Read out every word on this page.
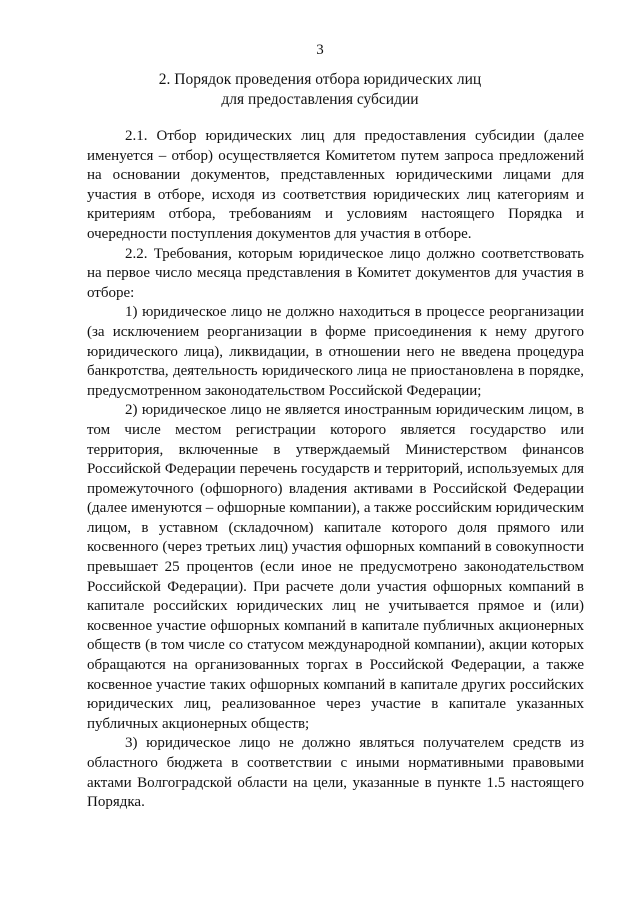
3
2. Порядок проведения отбора юридических лиц
для предоставления субсидии

2.1. Отбор юридических лиц для предоставления субсидии (далее именуется – отбор) осуществляется Комитетом путем запроса предложений на основании документов, представленных юридическими лицами для участия в отборе, исходя из соответствия юридических лиц категориям и критериям отбора, требованиям и условиям настоящего Порядка и очередности поступления документов для участия в отборе.

2.2. Требования, которым юридическое лицо должно соответствовать на первое число месяца представления в Комитет документов для участия в отборе:

1) юридическое лицо не должно находиться в процессе реорганизации (за исключением реорганизации в форме присоединения к нему другого юридического лица), ликвидации, в отношении него не введена процедура банкротства, деятельность юридического лица не приостановлена в порядке, предусмотренном законодательством Российской Федерации;

2) юридическое лицо не является иностранным юридическим лицом, в том числе местом регистрации которого является государство или территория, включенные в утверждаемый Министерством финансов Российской Федерации перечень государств и территорий, используемых для промежуточного (офшорного) владения активами в Российской Федерации (далее именуются – офшорные компании), а также российским юридическим лицом, в уставном (складочном) капитале которого доля прямого или косвенного (через третьих лиц) участия офшорных компаний в совокупности превышает 25 процентов (если иное не предусмотрено законодательством Российской Федерации). При расчете доли участия офшорных компаний в капитале российских юридических лиц не учитывается прямое и (или) косвенное участие офшорных компаний в капитале публичных акционерных обществ (в том числе со статусом международной компании), акции которых обращаются на организованных торгах в Российской Федерации, а также косвенное участие таких офшорных компаний в капитале других российских юридических лиц, реализованное через участие в капитале указанных публичных акционерных обществ;

3) юридическое лицо не должно являться получателем средств из областного бюджета в соответствии с иными нормативными правовыми актами Волгоградской области на цели, указанные в пункте 1.5 настоящего Порядка.
